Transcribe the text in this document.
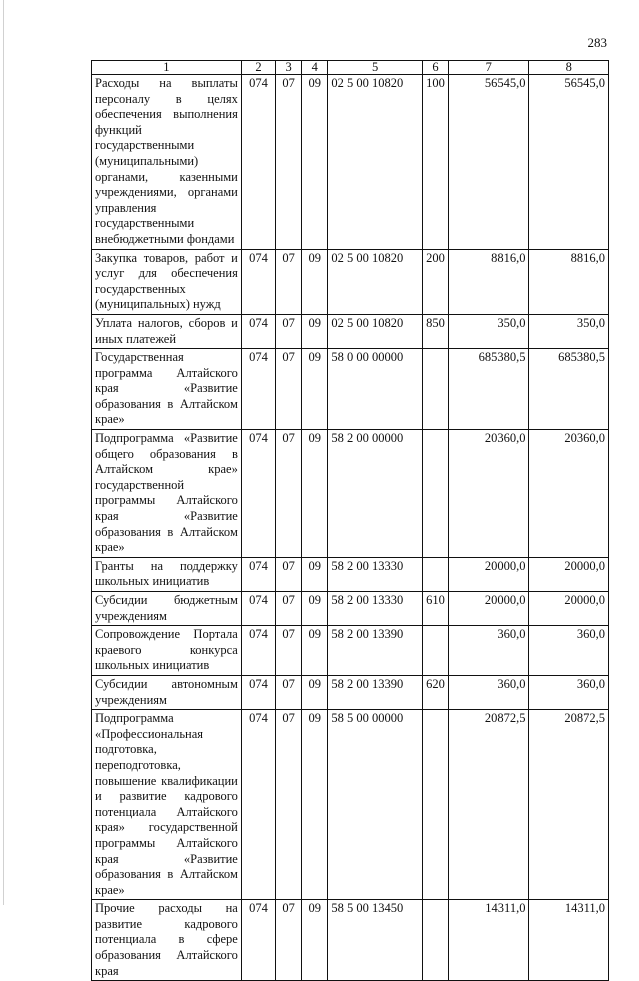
283
1	2	3	4	5	6	7	8
Расходы на выплаты персоналу в целях обеспечения выполнения функций государственными (муниципальными) органами, казенными учреждениями, органами управления государственными внебюджетными фондами	074	07	09	02 5 00 10820	100	56545,0	56545,0
Закупка товаров, работ и услуг для обеспечения государственных (муниципальных) нужд	074	07	09	02 5 00 10820	200	8816,0	8816,0
Уплата налогов, сборов и иных платежей	074	07	09	02 5 00 10820	850	350,0	350,0
Государственная программа Алтайского края «Развитие образования в Алтайском крае»	074	07	09	58 0 00 00000		685380,5	685380,5
Подпрограмма «Развитие общего образования в Алтайском крае» государственной программы Алтайского края «Развитие образования в Алтайском крае»	074	07	09	58 2 00 00000		20360,0	20360,0
Гранты на поддержку школьных инициатив	074	07	09	58 2 00 13330		20000,0	20000,0
Субсидии бюджетным учреждениям	074	07	09	58 2 00 13330	610	20000,0	20000,0
Сопровождение Портала краевого конкурса школьных инициатив	074	07	09	58 2 00 13390		360,0	360,0
Субсидии автономным учреждениям	074	07	09	58 2 00 13390	620	360,0	360,0
Подпрограмма «Профессиональная подготовка, переподготовка, повышение квалификации и развитие кадрового потенциала Алтайского края» государственной программы Алтайского края «Развитие образования в Алтайском крае»	074	07	09	58 5 00 00000		20872,5	20872,5
Прочие расходы на развитие кадрового потенциала в сфере образования Алтайского края	074	07	09	58 5 00 13450		14311,0	14311,0
